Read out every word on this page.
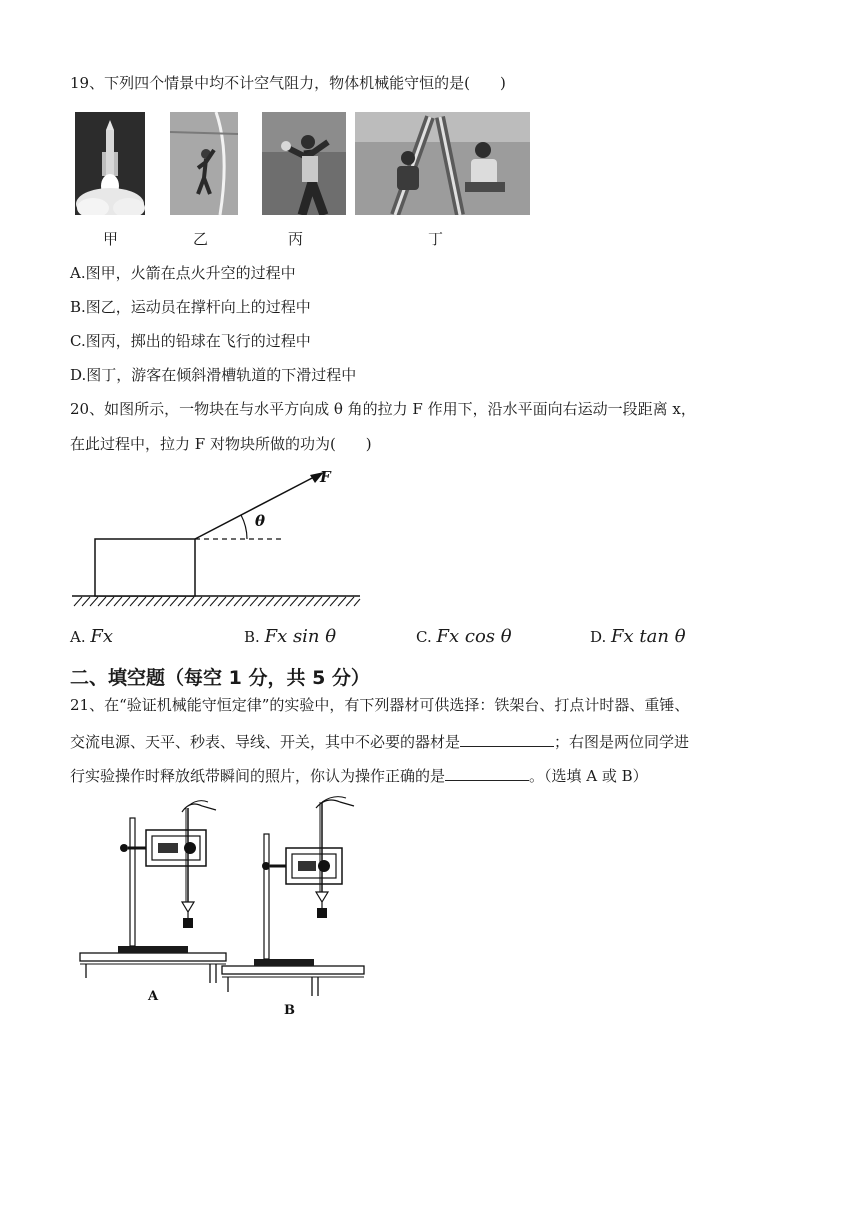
19、下列四个情景中均不计空气阻力，物体机械能守恒的是(　　)
甲	乙	丙	丁
A.图甲，火箭在点火升空的过程中
B.图乙，运动员在撑杆向上的过程中
C.图丙，掷出的铅球在飞行的过程中
D.图丁，游客在倾斜滑槽轨道的下滑过程中
20、如图所示，一物块在与水平方向成 θ 角的拉力 F 作用下，沿水平面向右运动一段距离 x，
在此过程中，拉力 F 对物块所做的功为(　　)
F
θ
A. Fx	B. Fx sin θ	C. Fx cos θ	D. Fx tan θ
二、填空题（每空 1 分，共 5 分）
21、在“验证机械能守恒定律”的实验中，有下列器材可供选择：铁架台、打点计时器、重锤、
交流电源、天平、秒表、导线、开关，其中不必要的器材是	；右图是两位同学进
行实验操作时释放纸带瞬间的照片，你认为操作正确的是	。（选填 A 或 B）
A
B
